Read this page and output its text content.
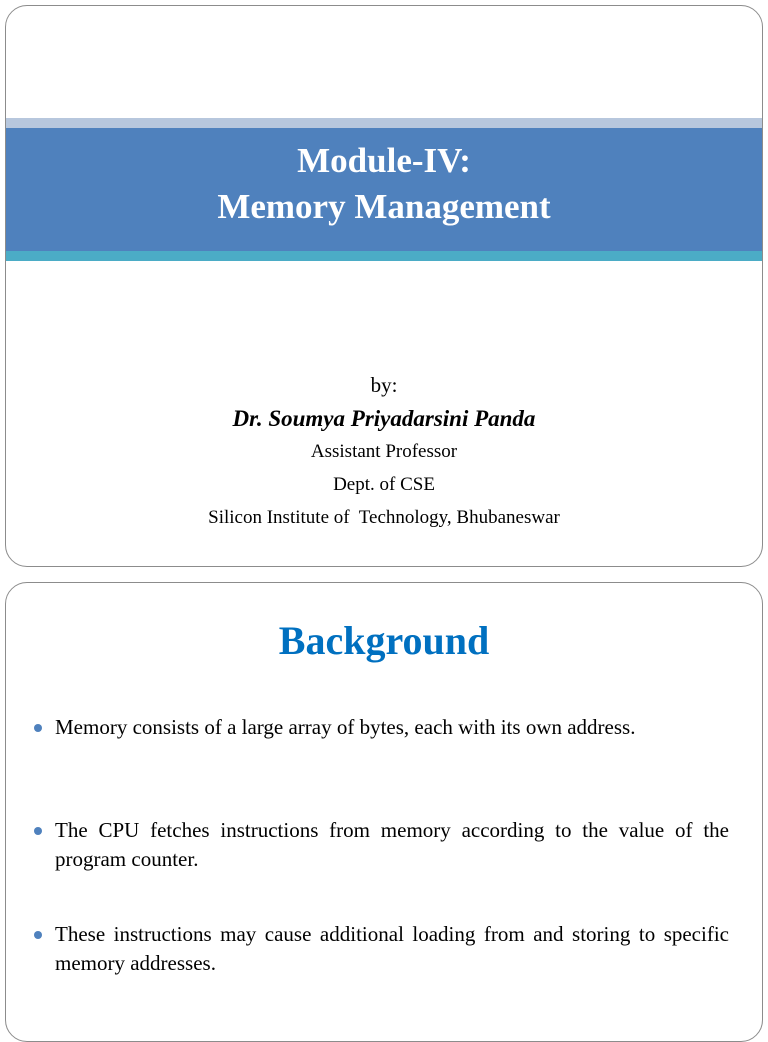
Module-IV:
Memory Management
by:
Dr. Soumya Priyadarsini Panda
Assistant Professor
Dept. of CSE
Silicon Institute of  Technology, Bhubaneswar
Background
Memory consists of a large array of bytes, each with its own address.
The CPU fetches instructions from memory according to the value of the program counter.
These instructions may cause additional loading from and storing to specific memory addresses.
